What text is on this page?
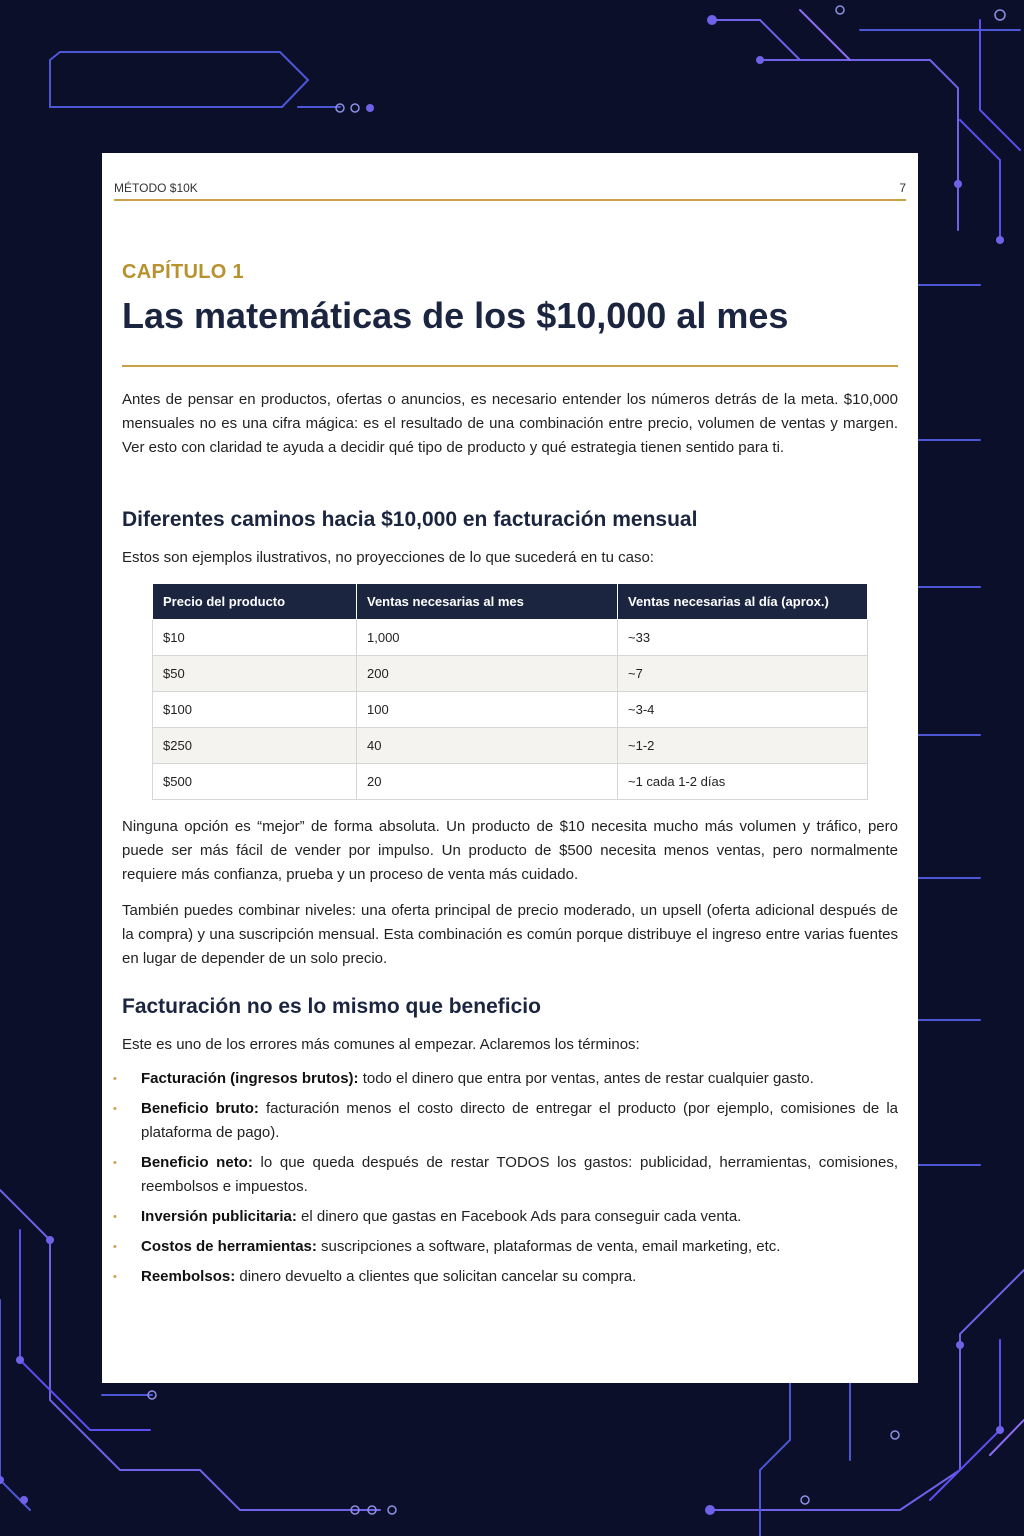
MÉTODO $10K	7
CAPÍTULO 1
Las matemáticas de los $10,000 al mes

Antes de pensar en productos, ofertas o anuncios, es necesario entender los números detrás de la meta. $10,000 mensuales no es una cifra mágica: es el resultado de una combinación entre precio, volumen de ventas y margen. Ver esto con claridad te ayuda a decidir qué tipo de producto y qué estrategia tienen sentido para ti.

Diferentes caminos hacia $10,000 en facturación mensual

Estos son ejemplos ilustrativos, no proyecciones de lo que sucederá en tu caso:

Precio del producto	Ventas necesarias al mes	Ventas necesarias al día (aprox.)
$10	1,000	~33
$50	200	~7
$100	100	~3-4
$250	40	~1-2
$500	20	~1 cada 1-2 días

Ninguna opción es “mejor” de forma absoluta. Un producto de $10 necesita mucho más volumen y tráfico, pero puede ser más fácil de vender por impulso. Un producto de $500 necesita menos ventas, pero normalmente requiere más confianza, prueba y un proceso de venta más cuidado.

También puedes combinar niveles: una oferta principal de precio moderado, un upsell (oferta adicional después de la compra) y una suscripción mensual. Esta combinación es común porque distribuye el ingreso entre varias fuentes en lugar de depender de un solo precio.

Facturación no es lo mismo que beneficio

Este es uno de los errores más comunes al empezar. Aclaremos los términos:

• Facturación (ingresos brutos): todo el dinero que entra por ventas, antes de restar cualquier gasto.
• Beneficio bruto: facturación menos el costo directo de entregar el producto (por ejemplo, comisiones de la plataforma de pago).
• Beneficio neto: lo que queda después de restar TODOS los gastos: publicidad, herramientas, comisiones, reembolsos e impuestos.
• Inversión publicitaria: el dinero que gastas en Facebook Ads para conseguir cada venta.
• Costos de herramientas: suscripciones a software, plataformas de venta, email marketing, etc.
• Reembolsos: dinero devuelto a clientes que solicitan cancelar su compra.
